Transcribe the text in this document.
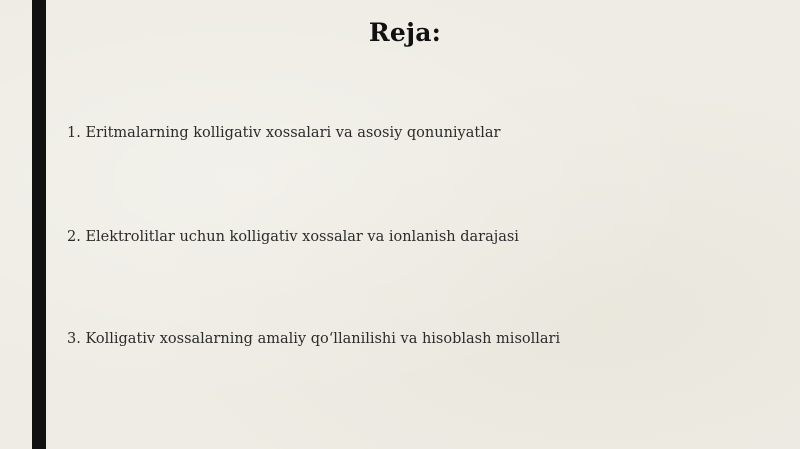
Reja:
1. Eritmalarning kolligativ xossalari va asosiy qonuniyatlar
2. Elektrolitlar uchun kolligativ xossalar va ionlanish darajasi
3. Kolligativ xossalarning amaliy qo‘llanilishi va hisoblash misollari
